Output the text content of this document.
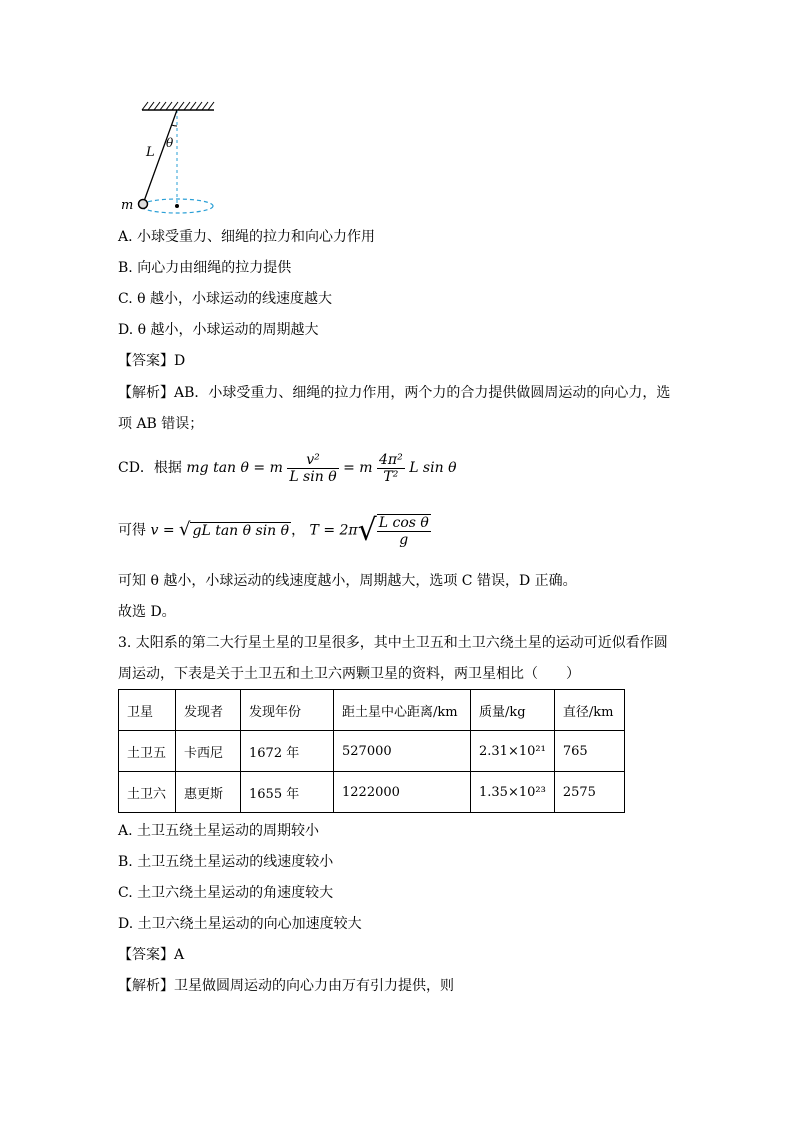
L
θ
m
A. 小球受重力、细绳的拉力和向心力作用
B. 向心力由细绳的拉力提供
C. θ 越小，小球运动的线速度越大
D. θ 越小，小球运动的周期越大
【答案】D
【解析】AB．小球受重力、细绳的拉力作用，两个力的合力提供做圆周运动的向心力，选
项 AB 错误；
CD．根据 mg tan θ = m $\frac{\text{v²}}{\text{L sin θ}} = m \frac{\text{4π²}}{\text{T²}}$ L sin θ
可得 v = √ gL tan θ sin θ ， $T = 2\pi√ \frac{\text{L cos θ}}{g}$
可知 θ 越小，小球运动的线速度越小，周期越大，选项 C 错误，D 正确。
故选 D。
3. 太阳系的第二大行星土星的卫星很多，其中土卫五和土卫六绕土星的运动可近似看作圆
周运动，下表是关于土卫五和土卫六两颗卫星的资料，两卫星相比（　　）
卫星	发现者	发现年份	距土星中心距离/km	质量/kg	直径/km
土卫五	卡西尼	1672 年	527000	2.31×10²¹	765
土卫六	惠更斯	1655 年	1222000	1.35×10²³	2575
A. 土卫五绕土星运动的周期较小
B. 土卫五绕土星运动的线速度较小
C. 土卫六绕土星运动的角速度较大
D. 土卫六绕土星运动的向心加速度较大
【答案】A
【解析】卫星做圆周运动的向心力由万有引力提供，则
